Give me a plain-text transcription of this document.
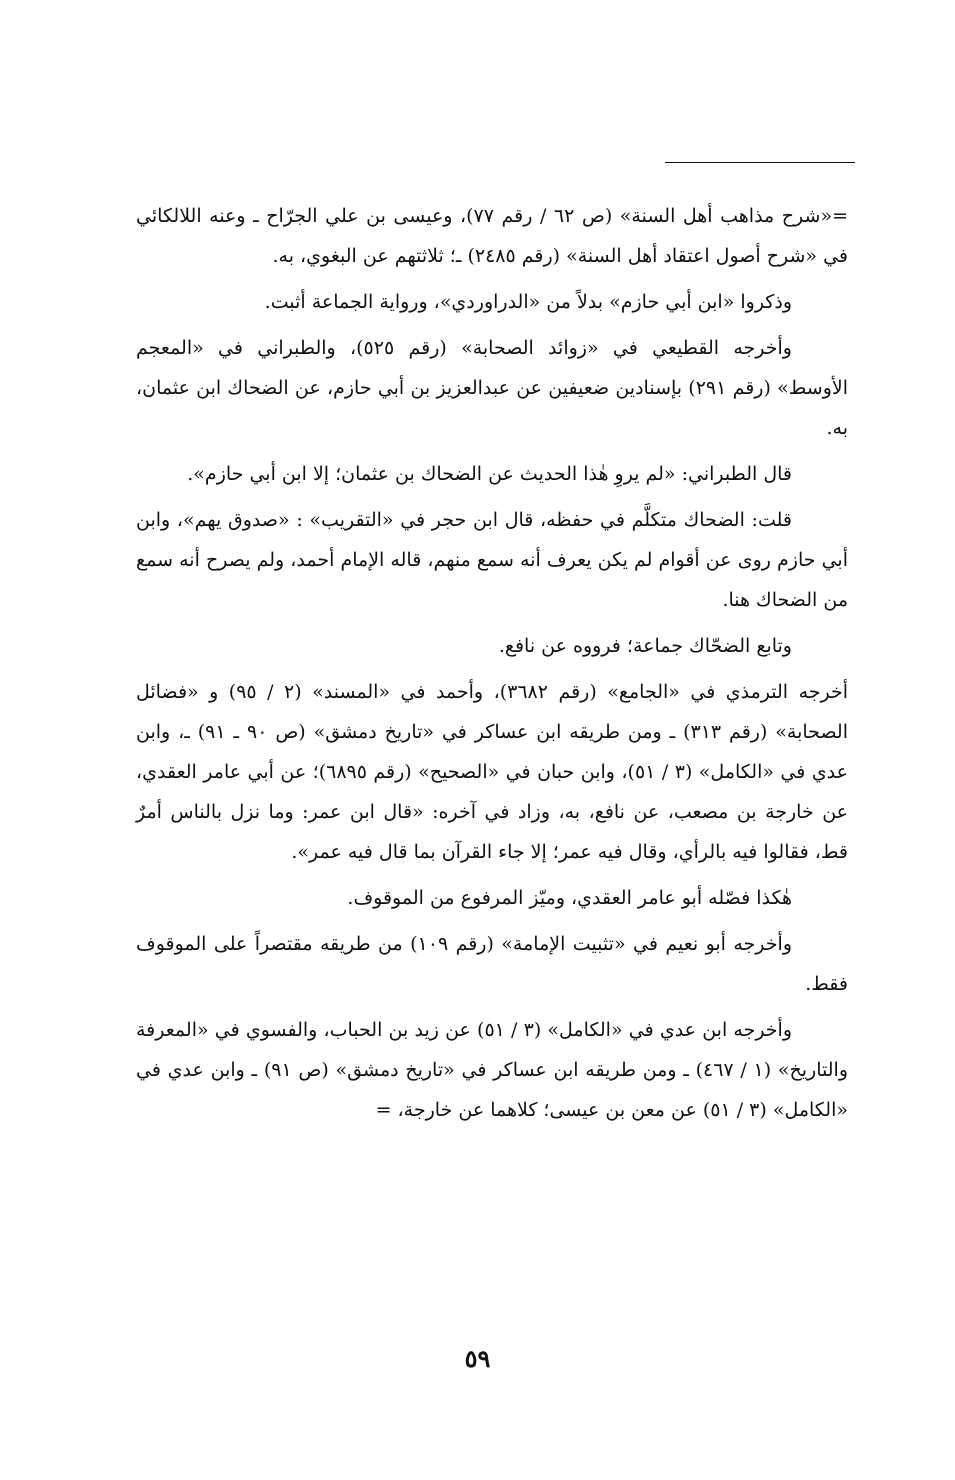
=«شرح مذاهب أهل السنة» (ص ٦٢ / رقم ٧٧)، وعيسى بن علي الجرّاح ـ وعنه اللالكائي في «شرح أصول اعتقاد أهل السنة» (رقم ٢٤٨٥) ـ؛ ثلاثتهم عن البغوي، به.

وذكروا «ابن أبي حازم» بدلاً من «الدراوردي»، ورواية الجماعة أثبت.

وأخرجه القطيعي في «زوائد الصحابة» (رقم ٥٢٥)، والطبراني في «المعجم الأوسط» (رقم ٢٩١) بإسنادين ضعيفين عن عبدالعزيز بن أبي حازم، عن الضحاك ابن عثمان، به.

قال الطبراني: «لم يروِ هٰذا الحديث عن الضحاك بن عثمان؛ إلا ابن أبي حازم».

قلت: الضحاك متكلَّم في حفظه، قال ابن حجر في «التقريب» : «صدوق يهم»، وابن أبي حازم روى عن أقوام لم يكن يعرف أنه سمع منهم، قاله الإمام أحمد، ولم يصرح أنه سمع من الضحاك هنا.

وتابع الضحّاك جماعة؛ فرووه عن نافع.

أخرجه الترمذي في «الجامع» (رقم ٣٦٨٢)، وأحمد في «المسند» (٢ / ٩٥) و «فضائل الصحابة» (رقم ٣١٣) ـ ومن طريقه ابن عساكر في «تاريخ دمشق» (ص ٩٠ ـ ٩١) ـ، وابن عدي في «الكامل» (٣ / ٥١)، وابن حبان في «الصحيح» (رقم ٦٨٩٥)؛ عن أبي عامر العقدي، عن خارجة بن مصعب، عن نافع، به، وزاد في آخره: «قال ابن عمر: وما نزل بالناس أمرٌ قط، فقالوا فيه بالرأي، وقال فيه عمر؛ إلا جاء القرآن بما قال فيه عمر».

هٰكذا فصّله أبو عامر العقدي، وميّز المرفوع من الموقوف.

وأخرجه أبو نعيم في «تثبيت الإمامة» (رقم ١٠٩) من طريقه مقتصراً على الموقوف فقط.

وأخرجه ابن عدي في «الكامل» (٣ / ٥١) عن زيد بن الحباب، والفسوي في «المعرفة والتاريخ» (١ / ٤٦٧) ـ ومن طريقه ابن عساكر في «تاريخ دمشق» (ص ٩١) ـ وابن عدي في «الكامل» (٣ / ٥١) عن معن بن عيسى؛ كلاهما عن خارجة، =

٥٩
